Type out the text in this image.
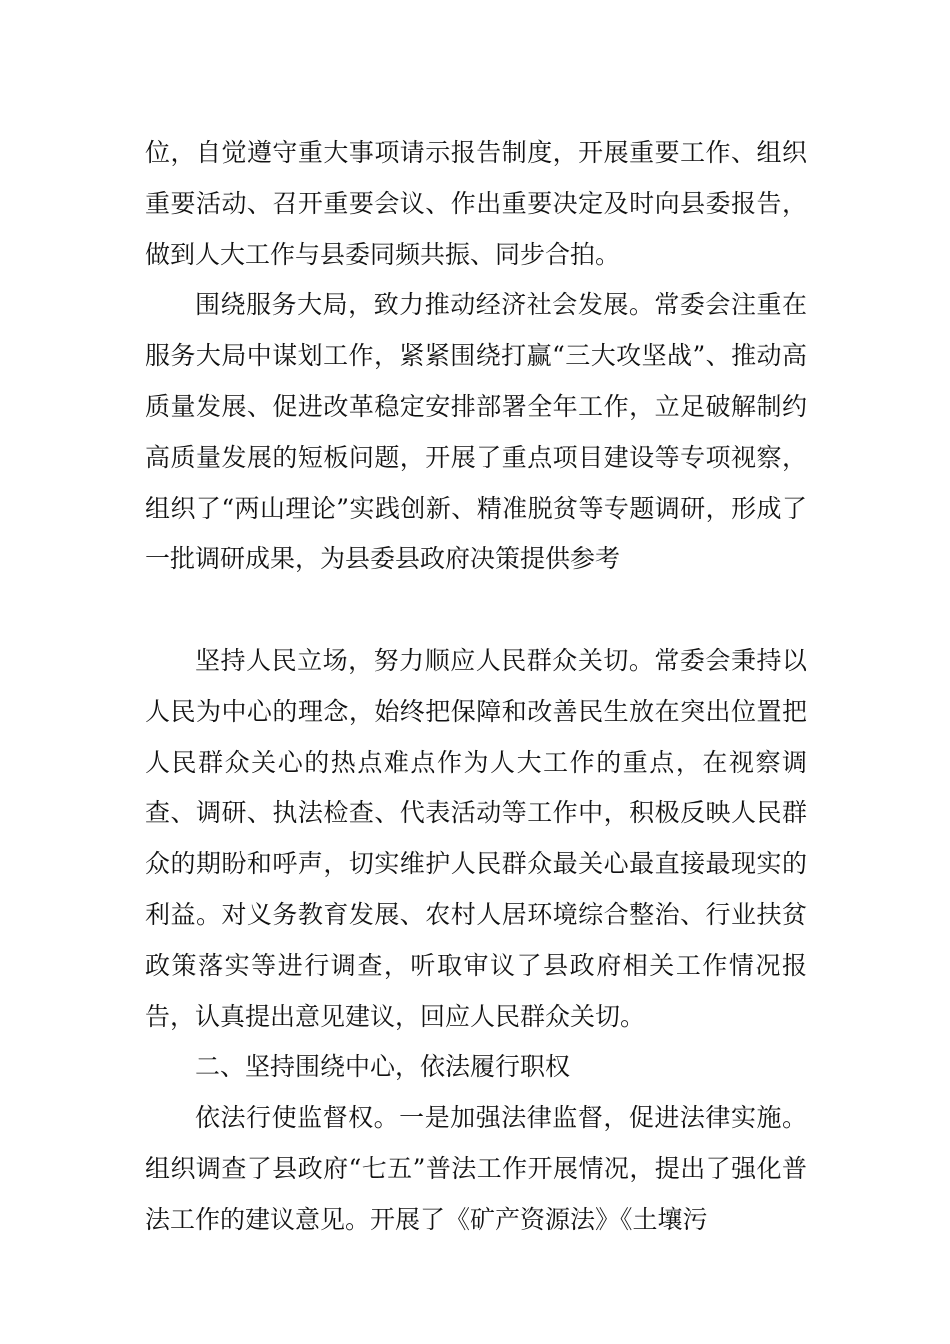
位，自觉遵守重大事项请示报告制度，开展重要工作、组织重要活动、召开重要会议、作出重要决定及时向县委报告，做到人大工作与县委同频共振、同步合拍。

围绕服务大局，致力推动经济社会发展。常委会注重在服务大局中谋划工作，紧紧围绕打赢“三大攻坚战”、推动高质量发展、促进改革稳定安排部署全年工作，立足破解制约高质量发展的短板问题，开展了重点项目建设等专项视察，组织了“两山理论”实践创新、精准脱贫等专题调研，形成了一批调研成果，为县委县政府决策提供参考

坚持人民立场，努力顺应人民群众关切。常委会秉持以人民为中心的理念，始终把保障和改善民生放在突出位置把人民群众关心的热点难点作为人大工作的重点，在视察调查、调研、执法检查、代表活动等工作中，积极反映人民群众的期盼和呼声，切实维护人民群众最关心最直接最现实的利益。对义务教育发展、农村人居环境综合整治、行业扶贫政策落实等进行调查，听取审议了县政府相关工作情况报告，认真提出意见建议，回应人民群众关切。

二、坚持围绕中心，依法履行职权

依法行使监督权。一是加强法律监督，促进法律实施。组织调查了县政府“七五”普法工作开展情况，提出了强化普法工作的建议意见。开展了《矿产资源法》《土壤污
